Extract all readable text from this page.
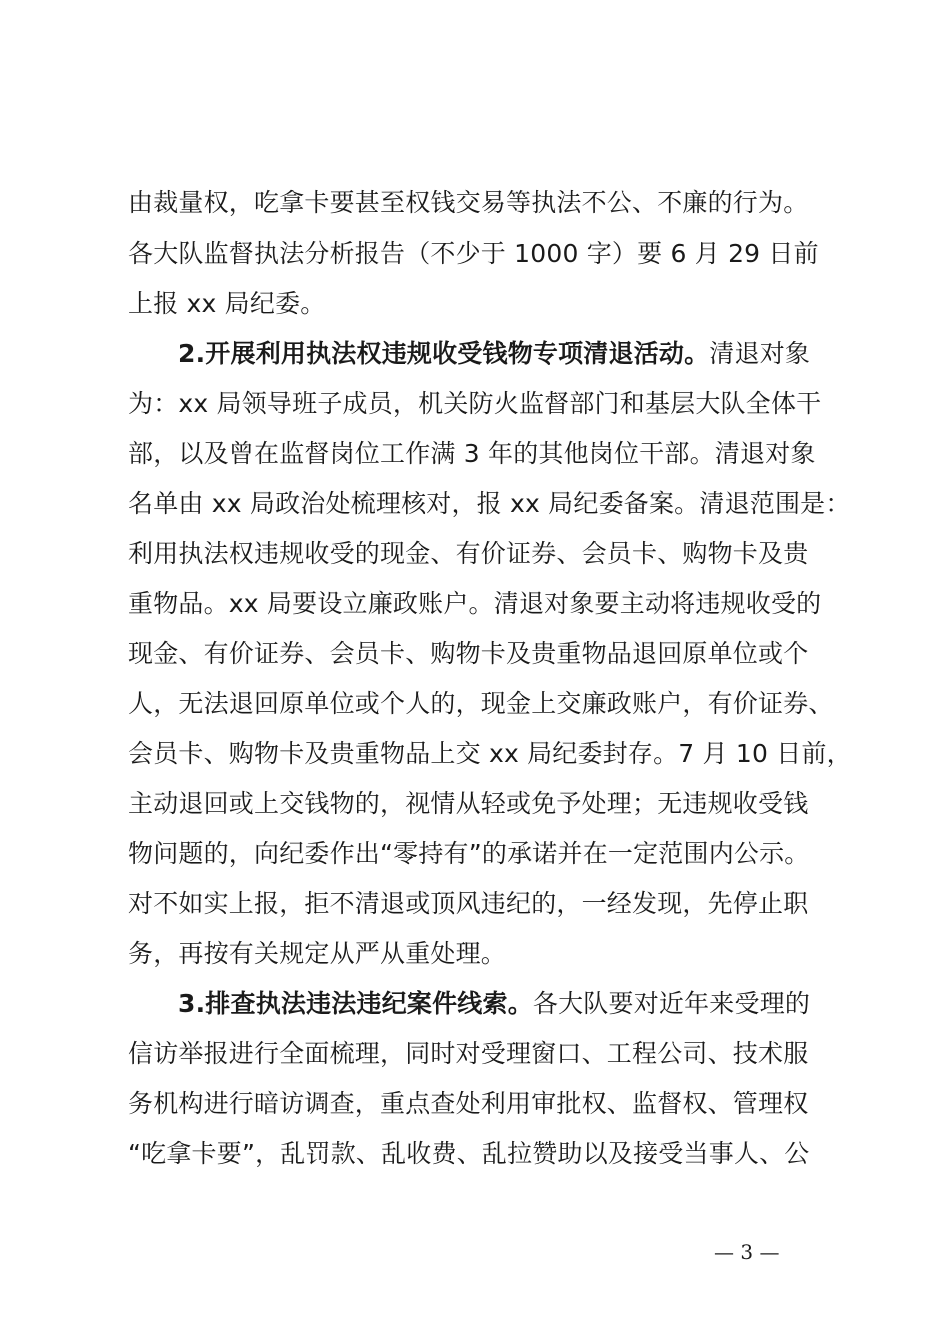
由裁量权，吃拿卡要甚至权钱交易等执法不公、不廉的行为。
各大队监督执法分析报告（不少于 1000 字）要 6 月 29 日前
上报 xx 局纪委。
2.开展利用执法权违规收受钱物专项清退活动。清退对象
为：xx 局领导班子成员，机关防火监督部门和基层大队全体干
部，以及曾在监督岗位工作满 3 年的其他岗位干部。清退对象
名单由 xx 局政治处梳理核对，报 xx 局纪委备案。清退范围是：
利用执法权违规收受的现金、有价证券、会员卡、购物卡及贵
重物品。xx 局要设立廉政账户。清退对象要主动将违规收受的
现金、有价证券、会员卡、购物卡及贵重物品退回原单位或个
人，无法退回原单位或个人的，现金上交廉政账户，有价证券、
会员卡、购物卡及贵重物品上交 xx 局纪委封存。7 月 10 日前，
主动退回或上交钱物的，视情从轻或免予处理；无违规收受钱
物问题的，向纪委作出“零持有”的承诺并在一定范围内公示。
对不如实上报，拒不清退或顶风违纪的，一经发现，先停止职
务，再按有关规定从严从重处理。
3.排查执法违法违纪案件线索。各大队要对近年来受理的
信访举报进行全面梳理，同时对受理窗口、工程公司、技术服
务机构进行暗访调查，重点查处利用审批权、监督权、管理权
“吃拿卡要”，乱罚款、乱收费、乱拉赞助以及接受当事人、公
— 3 —
